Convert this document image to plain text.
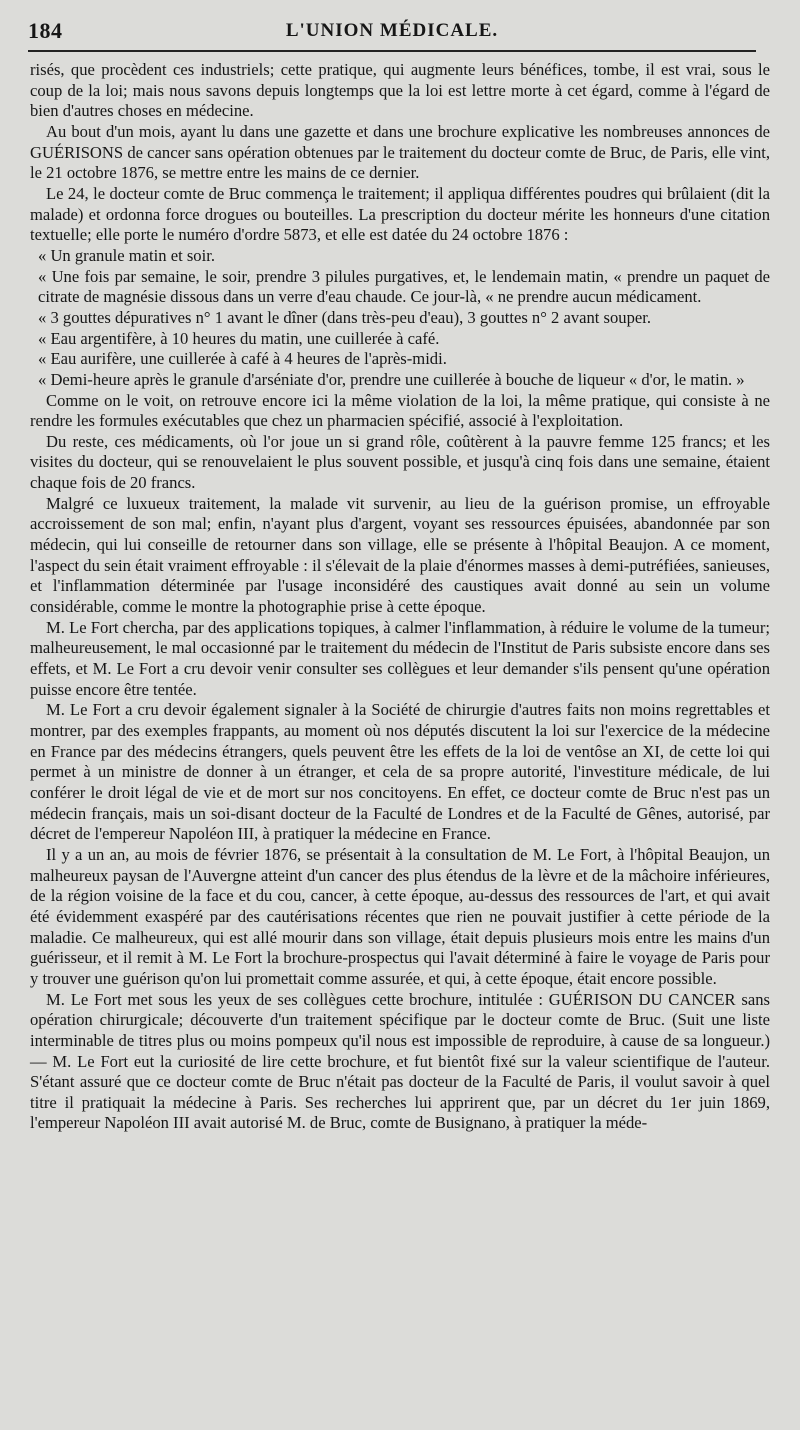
184	L'UNION MÉDICALE.

risés, que procèdent ces industriels; cette pratique, qui augmente leurs bénéfices, tombe, il est vrai, sous le coup de la loi; mais nous savons depuis longtemps que la loi est lettre morte à cet égard, comme à l'égard de bien d'autres choses en médecine.

Au bout d'un mois, ayant lu dans une gazette et dans une brochure explicative les nombreuses annonces de GUÉRISONS de cancer sans opération obtenues par le traitement du docteur comte de Bruc, de Paris, elle vint, le 21 octobre 1876, se mettre entre les mains de ce dernier.

Le 24, le docteur comte de Bruc commença le traitement; il appliqua différentes poudres qui brûlaient (dit la malade) et ordonna force drogues ou bouteilles. La prescription du docteur mérite les honneurs d'une citation textuelle; elle porte le numéro d'ordre 5873, et elle est datée du 24 octobre 1876 :

« Un granule matin et soir.

« Une fois par semaine, le soir, prendre 3 pilules purgatives, et, le lendemain matin, « prendre un paquet de citrate de magnésie dissous dans un verre d'eau chaude. Ce jour-là, « ne prendre aucun médicament.

« 3 gouttes dépuratives n° 1 avant le dîner (dans très-peu d'eau), 3 gouttes n° 2 avant souper.

« Eau argentifère, à 10 heures du matin, une cuillerée à café.

« Eau aurifère, une cuillerée à café à 4 heures de l'après-midi.

« Demi-heure après le granule d'arséniate d'or, prendre une cuillerée à bouche de liqueur « d'or, le matin. »

Comme on le voit, on retrouve encore ici la même violation de la loi, la même pratique, qui consiste à ne rendre les formules exécutables que chez un pharmacien spécifié, associé à l'exploitation.

Du reste, ces médicaments, où l'or joue un si grand rôle, coûtèrent à la pauvre femme 125 francs; et les visites du docteur, qui se renouvelaient le plus souvent possible, et jusqu'à cinq fois dans une semaine, étaient chaque fois de 20 francs.

Malgré ce luxueux traitement, la malade vit survenir, au lieu de la guérison promise, un effroyable accroissement de son mal; enfin, n'ayant plus d'argent, voyant ses ressources épuisées, abandonnée par son médecin, qui lui conseille de retourner dans son village, elle se présente à l'hôpital Beaujon. A ce moment, l'aspect du sein était vraiment effroyable : il s'élevait de la plaie d'énormes masses à demi-putréfiées, sanieuses, et l'inflammation déterminée par l'usage inconsidéré des caustiques avait donné au sein un volume considérable, comme le montre la photographie prise à cette époque.

M. Le Fort chercha, par des applications topiques, à calmer l'inflammation, à réduire le volume de la tumeur; malheureusement, le mal occasionné par le traitement du médecin de l'Institut de Paris subsiste encore dans ses effets, et M. Le Fort a cru devoir venir consulter ses collègues et leur demander s'ils pensent qu'une opération puisse encore être tentée.

M. Le Fort a cru devoir également signaler à la Société de chirurgie d'autres faits non moins regrettables et montrer, par des exemples frappants, au moment où nos députés discutent la loi sur l'exercice de la médecine en France par des médecins étrangers, quels peuvent être les effets de la loi de ventôse an XI, de cette loi qui permet à un ministre de donner à un étranger, et cela de sa propre autorité, l'investiture médicale, de lui conférer le droit légal de vie et de mort sur nos concitoyens. En effet, ce docteur comte de Bruc n'est pas un médecin français, mais un soi-disant docteur de la Faculté de Londres et de la Faculté de Gênes, autorisé, par décret de l'empereur Napoléon III, à pratiquer la médecine en France.

Il y a un an, au mois de février 1876, se présentait à la consultation de M. Le Fort, à l'hôpital Beaujon, un malheureux paysan de l'Auvergne atteint d'un cancer des plus étendus de la lèvre et de la mâchoire inférieures, de la région voisine de la face et du cou, cancer, à cette époque, au-dessus des ressources de l'art, et qui avait été évidemment exaspéré par des cautérisations récentes que rien ne pouvait justifier à cette période de la maladie. Ce malheureux, qui est allé mourir dans son village, était depuis plusieurs mois entre les mains d'un guérisseur, et il remit à M. Le Fort la brochure-prospectus qui l'avait déterminé à faire le voyage de Paris pour y trouver une guérison qu'on lui promettait comme assurée, et qui, à cette époque, était encore possible.

M. Le Fort met sous les yeux de ses collègues cette brochure, intitulée : GUÉRISON DU CANCER sans opération chirurgicale; découverte d'un traitement spécifique par le docteur comte de Bruc. (Suit une liste interminable de titres plus ou moins pompeux qu'il nous est impossible de reproduire, à cause de sa longueur.) — M. Le Fort eut la curiosité de lire cette brochure, et fut bientôt fixé sur la valeur scientifique de l'auteur. S'étant assuré que ce docteur comte de Bruc n'était pas docteur de la Faculté de Paris, il voulut savoir à quel titre il pratiquait la médecine à Paris. Ses recherches lui apprirent que, par un décret du 1er juin 1869, l'empereur Napoléon III avait autorisé M. de Bruc, comte de Busignano, à pratiquer la méde-
